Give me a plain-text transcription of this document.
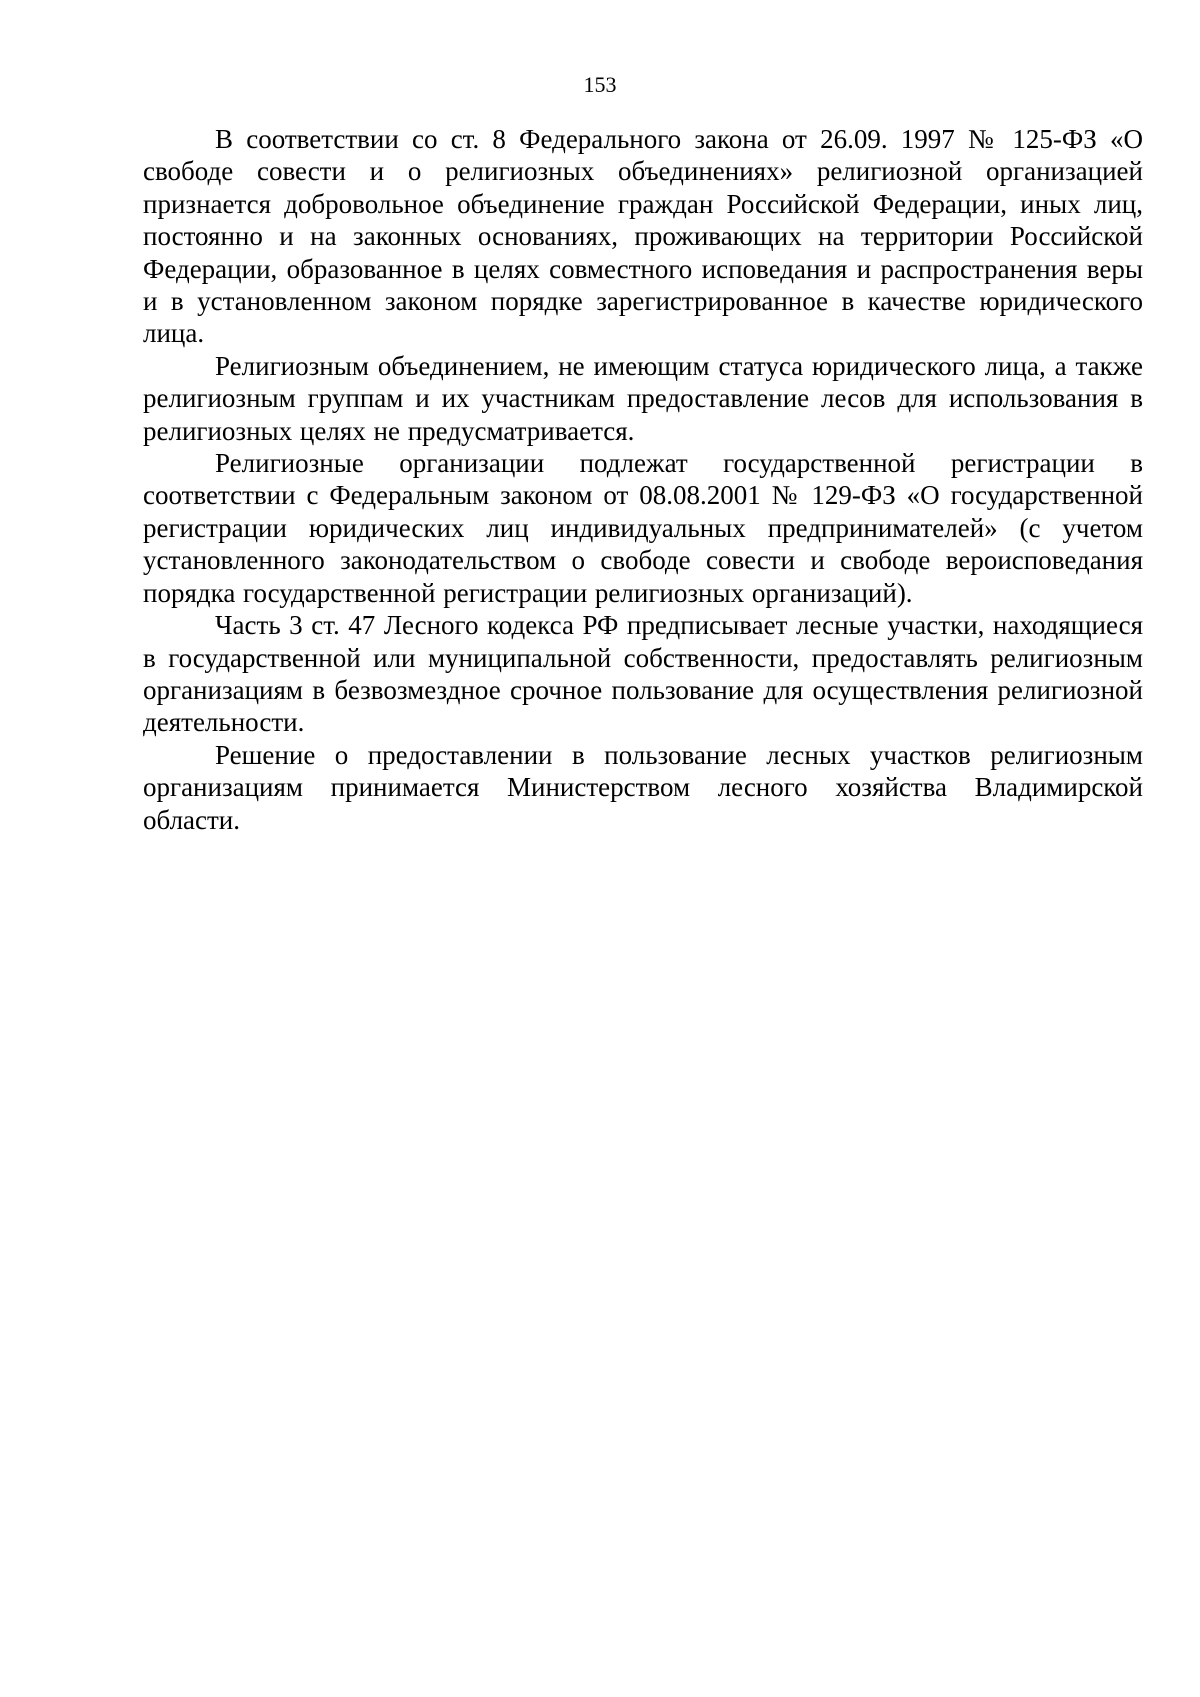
153

В соответствии со ст. 8 Федерального закона от 26.09. 1997 № 125-ФЗ «О свободе совести и о религиозных объединениях» религиозной организацией признается добровольное объединение граждан Российской Федерации, иных лиц, постоянно и на законных основаниях, проживающих на территории Российской Федерации, образованное в целях совместного исповедания и распространения веры и в установленном законом порядке зарегистрированное в качестве юридического лица.

Религиозным объединением, не имеющим статуса юридического лица, а также религиозным группам и их участникам предоставление лесов для использования в религиозных целях не предусматривается.

Религиозные организации подлежат государственной регистрации в соответствии с Федеральным законом от 08.08.2001 № 129-ФЗ «О государственной регистрации юридических лиц индивидуальных предпринимателей» (с учетом установленного законодательством о свободе совести и свободе вероисповедания порядка государственной регистрации религиозных организаций).

Часть 3 ст. 47 Лесного кодекса РФ предписывает лесные участки, находящиеся в государственной или муниципальной собственности, предоставлять религиозным организациям в безвозмездное срочное пользование для осуществления религиозной деятельности.

Решение о предоставлении в пользование лесных участков религиозным организациям принимается Министерством лесного хозяйства Владимирской области.
